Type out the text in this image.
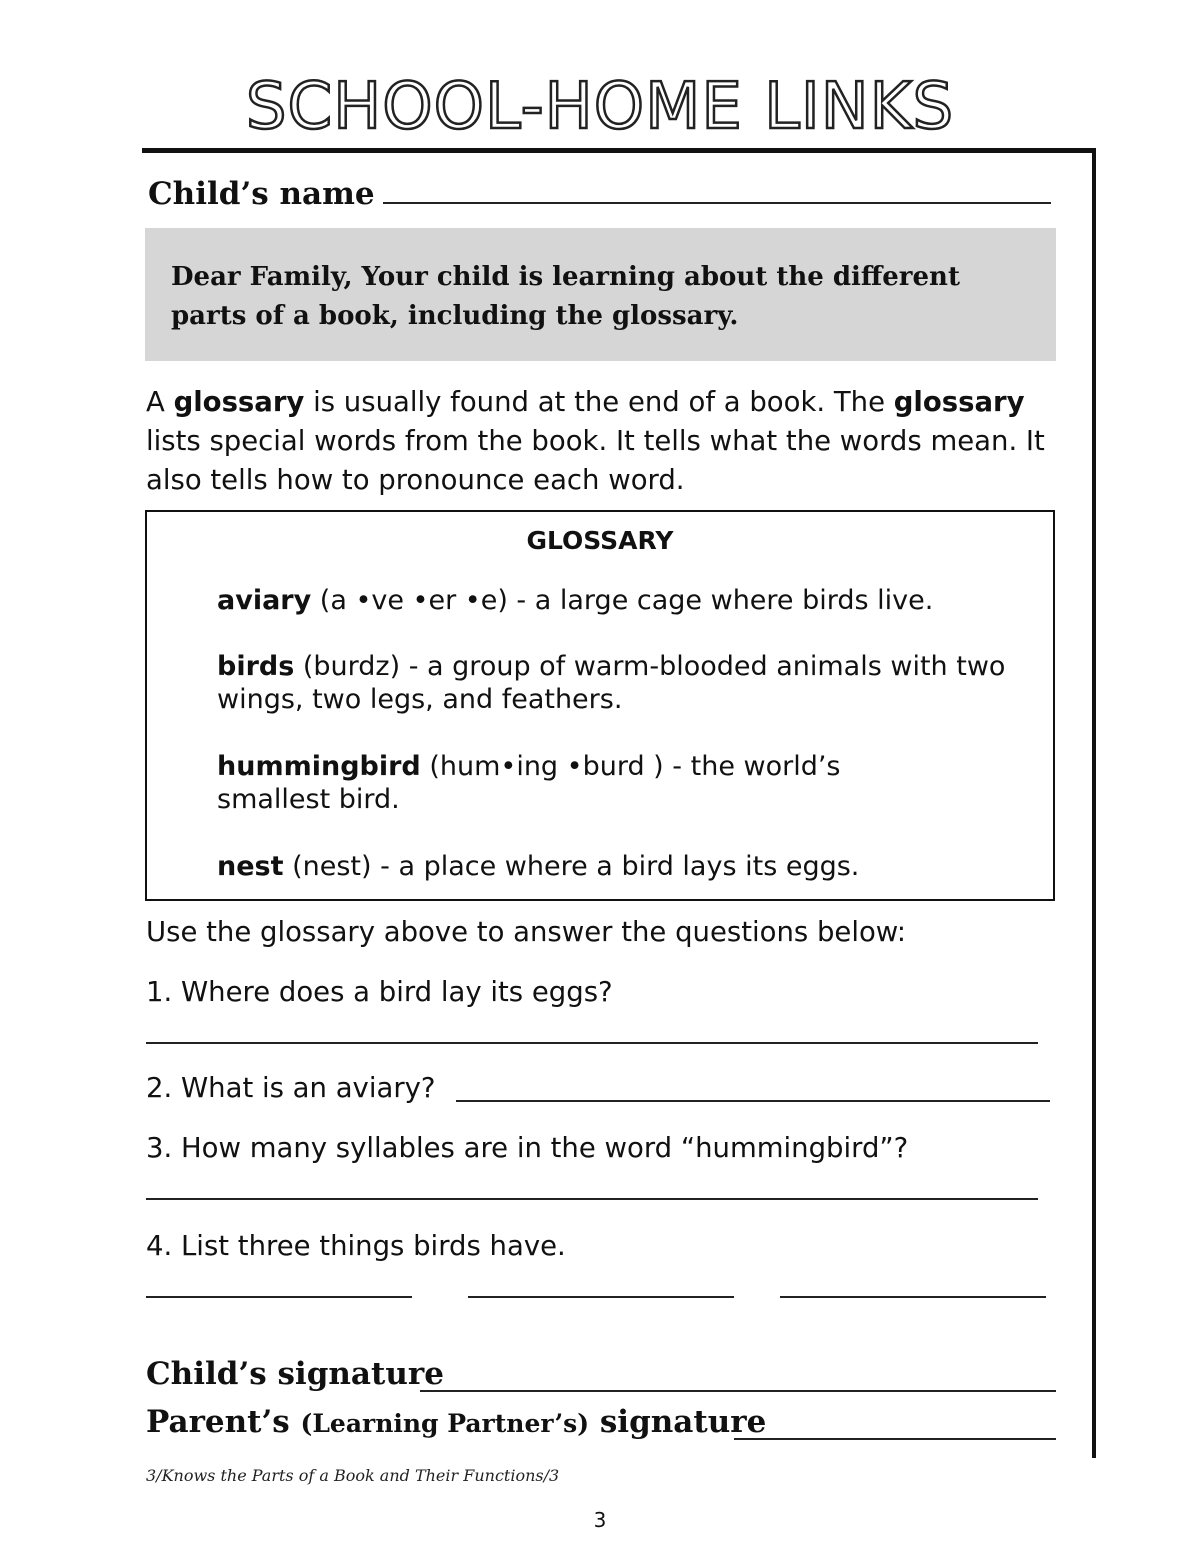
SCHOOL-HOME LINKS
Child’s name
Dear Family, Your child is learning about the different parts of a book, including the glossary.
A glossary is usually found at the end of a book. The glossary lists special words from the book. It tells what the words mean. It also tells how to pronounce each word.
GLOSSARY
aviary (a •ve •er •e) - a large cage where birds live.
birds (burdz) - a group of warm-blooded animals with two wings, two legs, and feathers.
hummingbird (hum•ing •burd ) - the world’s smallest bird.
nest (nest) - a place where a bird lays its eggs.
Use the glossary above to answer the questions below:
1. Where does a bird lay its eggs?
2. What is an aviary?
3. How many syllables are in the word “hummingbird”?
4. List three things birds have.
Child’s signature
Parent’s (Learning Partner’s) signature
3/Knows the Parts of a Book and Their Functions/3
3
